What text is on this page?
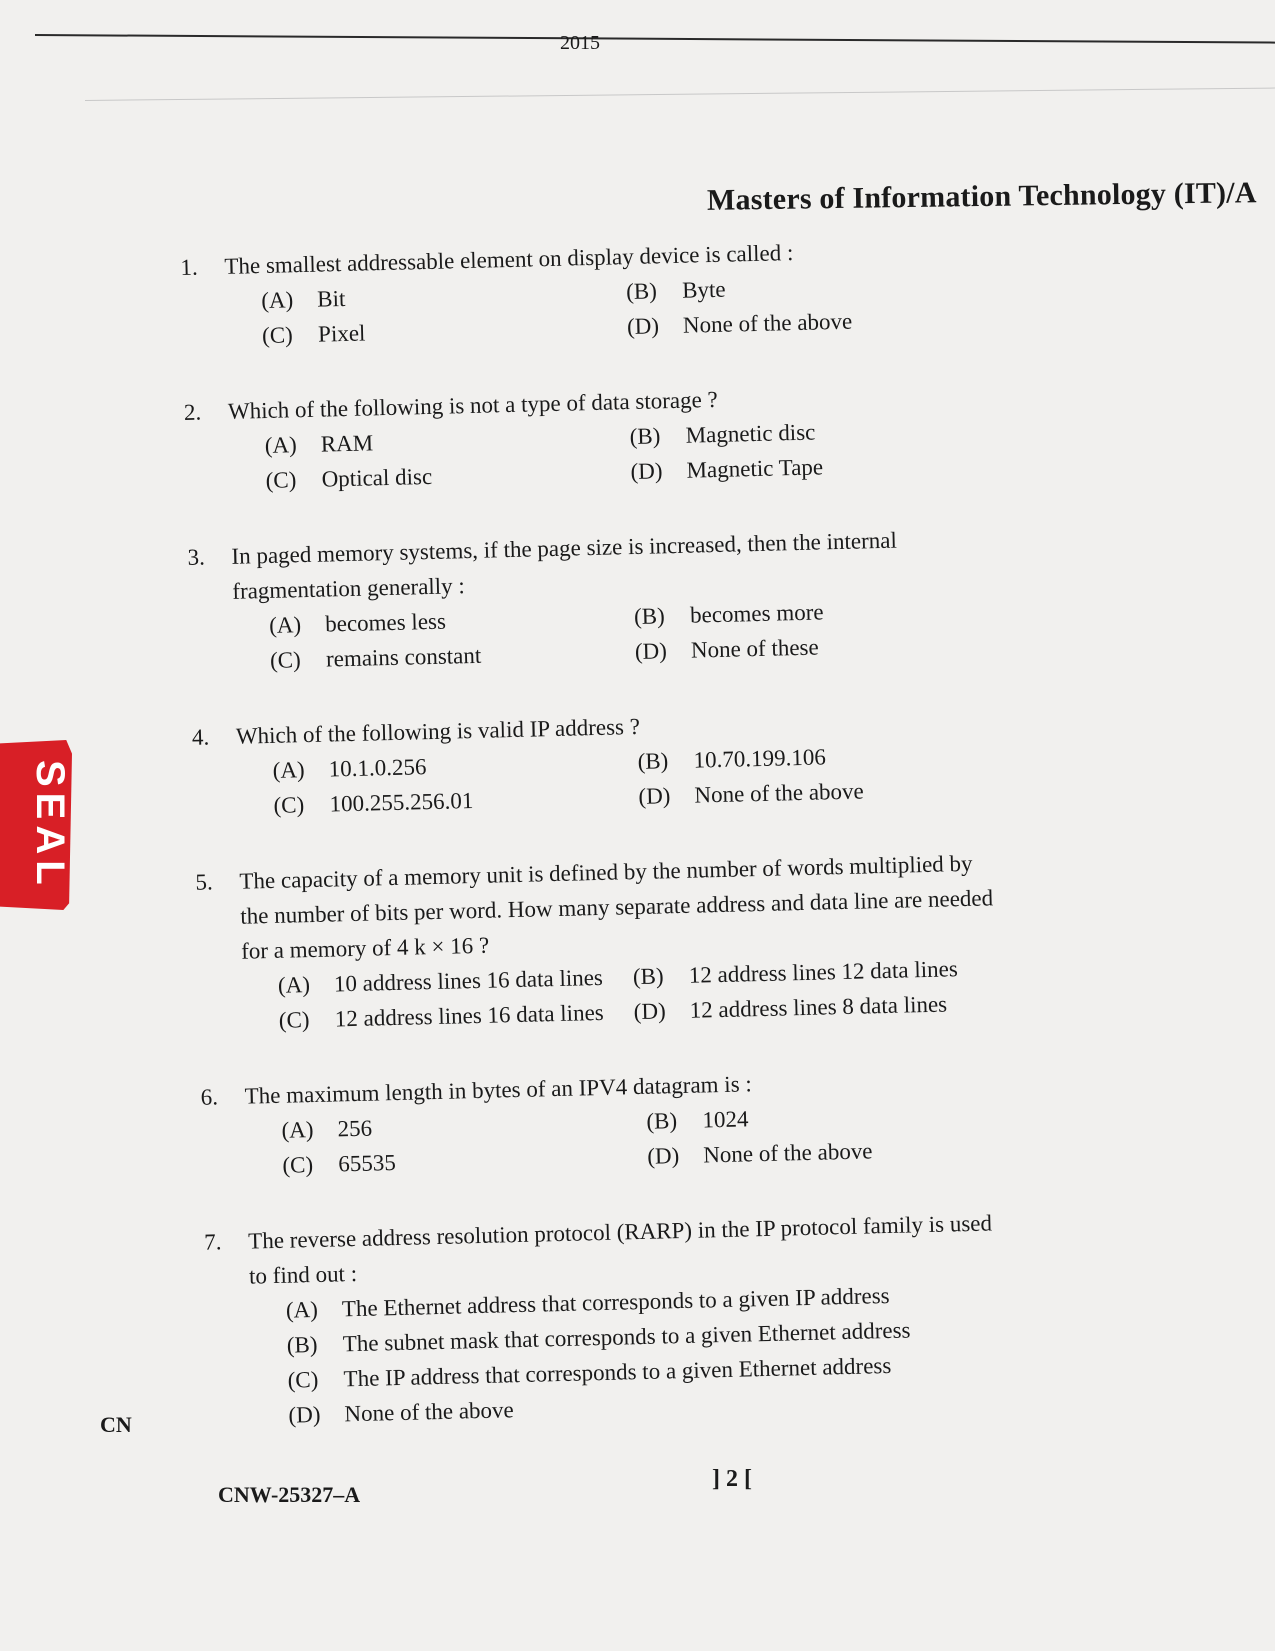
2015
Masters of Information Technology (IT)/A
1. The smallest addressable element on display device is called :
(A)	Bit	(B)	Byte
(C)	Pixel	(D)	None of the above
2. Which of the following is not a type of data storage ?
(A)	RAM	(B)	Magnetic disc
(C)	Optical disc	(D)	Magnetic Tape
3. In paged memory systems, if the page size is increased, then the internal fragmentation generally :
(A)	becomes less	(B)	becomes more
(C)	remains constant	(D)	None of these
4. Which of the following is valid IP address ?
(A)	10.1.0.256	(B)	10.70.199.106
(C)	100.255.256.01	(D)	None of the above
5. The capacity of a memory unit is defined by the number of words multiplied by the number of bits per word. How many separate address and data line are needed for a memory of 4 k × 16 ?
(A)	10 address lines 16 data lines (B)	12 address lines 12 data lines
(C)	12 address lines 16 data lines (D)	12 address lines 8 data lines
6. The maximum length in bytes of an IPV4 datagram is :
(A)	256	(B)	1024
(C)	65535	(D)	None of the above
7. The reverse address resolution protocol (RARP) in the IP protocol family is used to find out :
(A)	The Ethernet address that corresponds to a given IP address
(B)	The subnet mask that corresponds to a given Ethernet address
(C)	The IP address that corresponds to a given Ethernet address
(D)	None of the above
SEAL
CN
] 2 [
CNW-25327–A
